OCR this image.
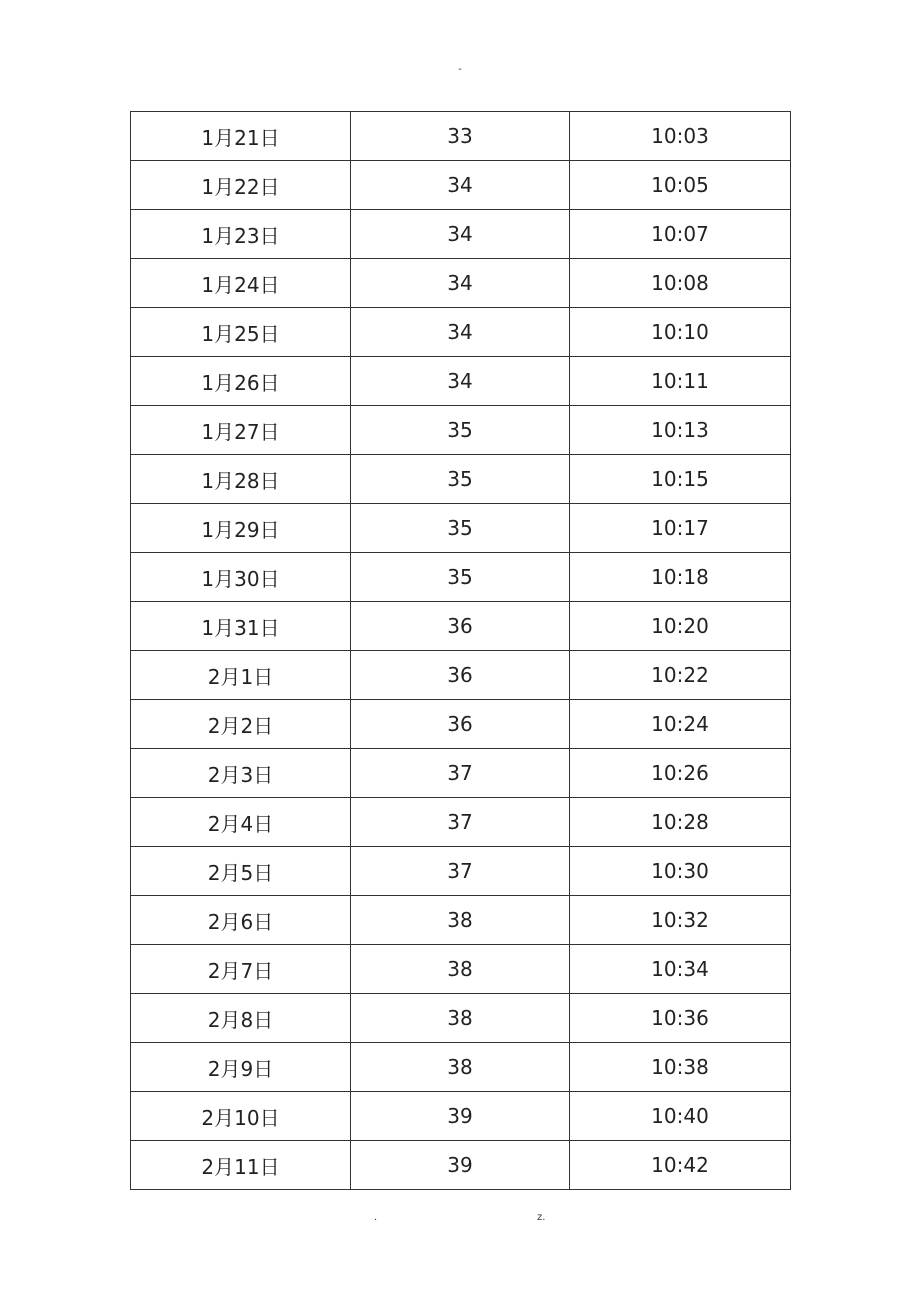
-
1月21日	33	10:03
1月22日	34	10:05
1月23日	34	10:07
1月24日	34	10:08
1月25日	34	10:10
1月26日	34	10:11
1月27日	35	10:13
1月28日	35	10:15
1月29日	35	10:17
1月30日	35	10:18
1月31日	36	10:20
2月1日	36	10:22
2月2日	36	10:24
2月3日	37	10:26
2月4日	37	10:28
2月5日	37	10:30
2月6日	38	10:32
2月7日	38	10:34
2月8日	38	10:36
2月9日	38	10:38
2月10日	39	10:40
2月11日	39	10:42
.	z.
